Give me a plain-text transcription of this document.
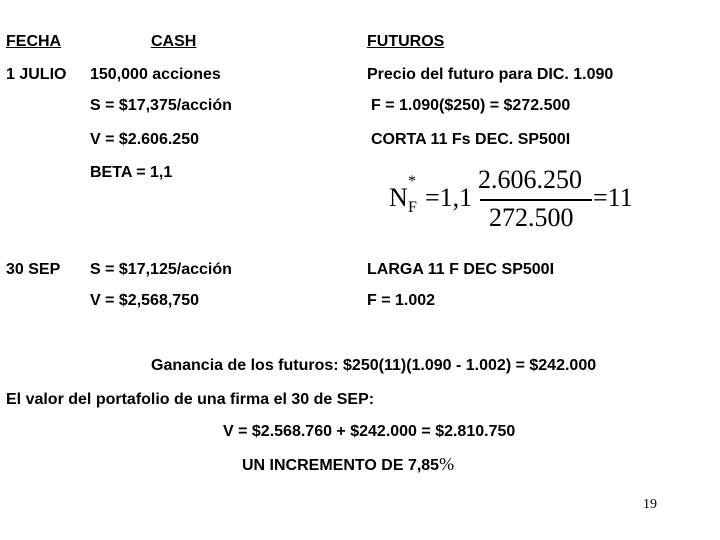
FECHA	CASH	FUTUROS
1 JULIO 150,000 acciones	Precio del futuro para DIC. 1.090
S = $17,375/acción	F = 1.090($250) = $272.500
V = $2.606.250	CORTA 11 Fs DEC. SP500I
BETA = 1,1
N
*
F =1,1
2.606.250
272.500
=11
30 SEP S = $17,125/acción	LARGA 11 F DEC SP500I
V = $2,568,750	F = 1.002
Ganancia de los futuros: $250(11)(1.090 - 1.002) = $242.000
El valor del portafolio de una firma el 30 de SEP:
V = $2.568.760 + $242.000 = $2.810.750
UN INCREMENTO DE 7,85%
19
